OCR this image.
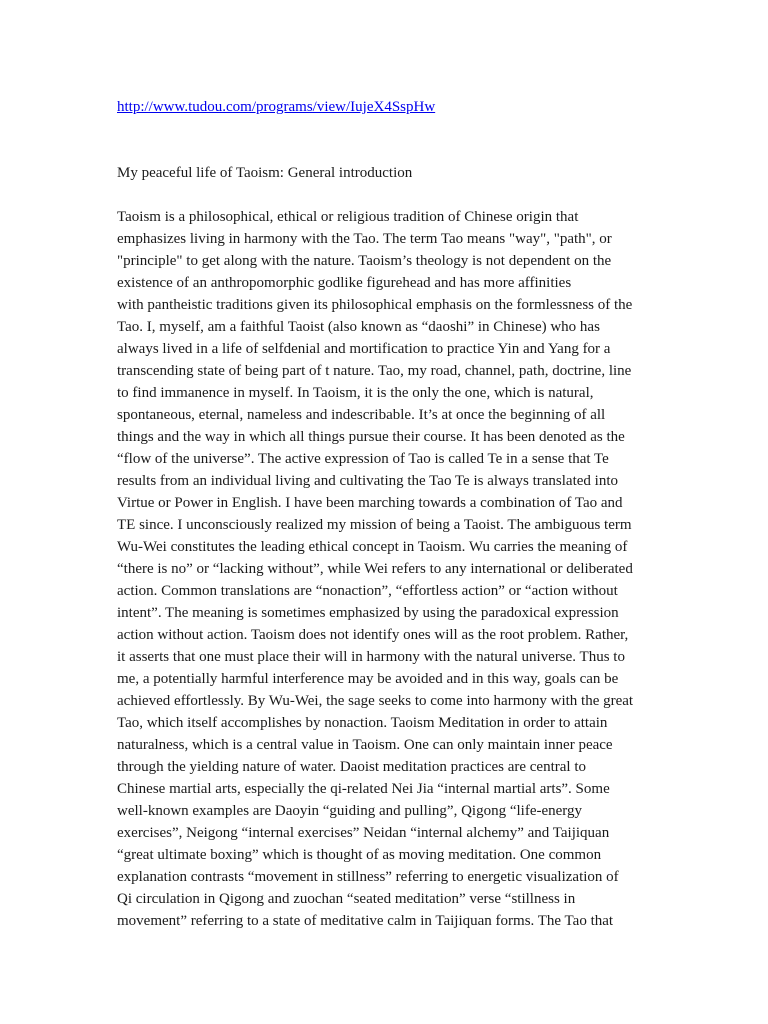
http://www.tudou.com/programs/view/IujeX4SspHw
My peaceful life of Taoism: General introduction
Taoism is a philosophical, ethical or religious tradition of Chinese origin that
emphasizes living in harmony with the Tao. The term Tao means "way", "path", or
"principle" to get along with the nature. Taoism’s theology is not dependent on the
existence of an anthropomorphic godlike figurehead and has more affinities
with pantheistic traditions given its philosophical emphasis on the formlessness of the
Tao. I, myself, am a faithful Taoist (also known as “daoshi” in Chinese) who has
always lived in a life of selfdenial and mortification to practice Yin and Yang for a
transcending state of being part of t nature. Tao, my road, channel, path, doctrine, line
to find immanence in myself. In Taoism, it is the only the one, which is natural,
spontaneous, eternal, nameless and indescribable. It’s at once the beginning of all
things and the way in which all things pursue their course. It has been denoted as the
“flow of the universe”. The active expression of Tao is called Te in a sense that Te
results from an individual living and cultivating the Tao Te is always translated into
Virtue or Power in English. I have been marching towards a combination of Tao and
TE since. I unconsciously realized my mission of being a Taoist. The ambiguous term
Wu-Wei constitutes the leading ethical concept in Taoism. Wu carries the meaning of
“there is no” or “lacking without”, while Wei refers to any international or deliberated
action. Common translations are “nonaction”, “effortless action” or “action without
intent”. The meaning is sometimes emphasized by using the paradoxical expression
action without action. Taoism does not identify ones will as the root problem. Rather,
it asserts that one must place their will in harmony with the natural universe. Thus to
me, a potentially harmful interference may be avoided and in this way, goals can be
achieved effortlessly. By Wu-Wei, the sage seeks to come into harmony with the great
Tao, which itself accomplishes by nonaction. Taoism Meditation in order to attain
naturalness, which is a central value in Taoism. One can only maintain inner peace
through the yielding nature of water. Daoist meditation practices are central to
Chinese martial arts, especially the qi-related Nei Jia “internal martial arts”. Some
well-known examples are Daoyin “guiding and pulling”, Qigong “life-energy
exercises”, Neigong “internal exercises” Neidan “internal alchemy” and Taijiquan
“great ultimate boxing” which is thought of as moving meditation. One common
explanation contrasts “movement in stillness” referring to energetic visualization of
Qi circulation in Qigong and zuochan “seated meditation” verse “stillness in
movement” referring to a state of meditative calm in Taijiquan forms. The Tao that
